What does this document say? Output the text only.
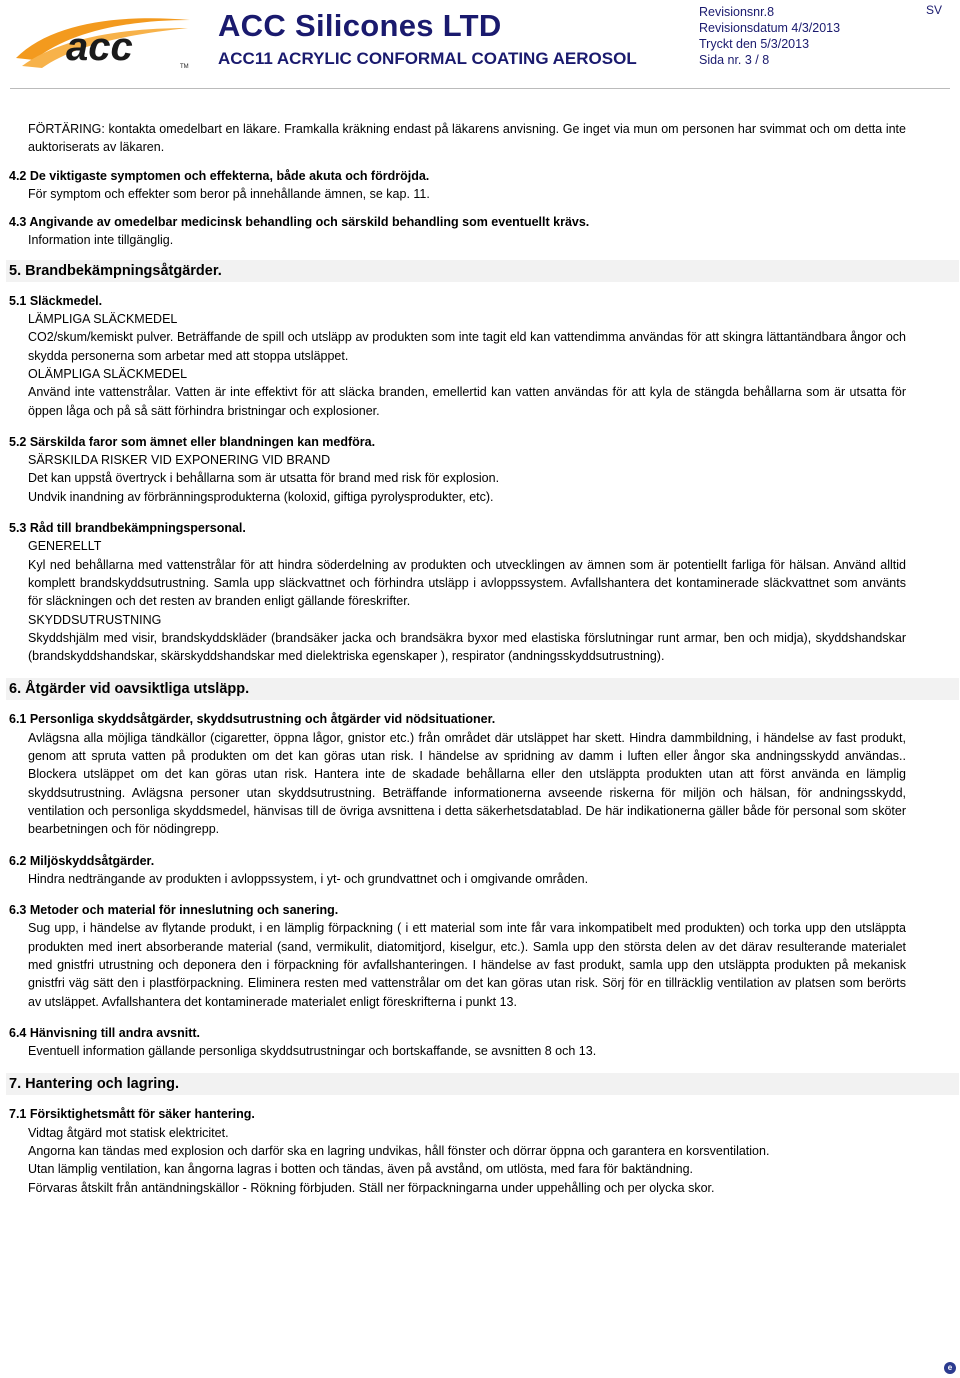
acc	TM
ACC Silicones LTD
ACC11 ACRYLIC CONFORMAL COATING AEROSOL
Revisionsnr.8
Revisionsdatum 4/3/2013
Tryckt den 5/3/2013
Sida nr. 3 / 8
SV

FÖRTÄRING: kontakta omedelbart en läkare. Framkalla kräkning endast på läkarens anvisning. Ge inget via mun om personen har svimmat och om detta inte auktoriserats av läkaren.

4.2 De viktigaste symptomen och effekterna, både akuta och fördröjda.

För symptom och effekter som beror på innehållande ämnen, se kap. 11.

4.3 Angivande av omedelbar medicinsk behandling och särskild behandling som eventuellt krävs.

Information inte tillgänglig.

5. Brandbekämpningsåtgärder.

5.1 Släckmedel.

LÄMPLIGA SLÄCKMEDEL

CO2/skum/kemiskt pulver. Beträffande de spill och utsläpp av produkten som inte tagit eld kan vattendimma användas för att skingra lättantändbara ångor och skydda personerna som arbetar med att stoppa utsläppet.

OLÄMPLIGA SLÄCKMEDEL

Använd inte vattenstrålar. Vatten är inte effektivt för att släcka branden, emellertid kan vatten användas för att kyla de stängda behållarna som är utsatta för öppen låga och på så sätt förhindra bristningar och explosioner.

5.2 Särskilda faror som ämnet eller blandningen kan medföra.

SÄRSKILDA RISKER VID EXPONERING VID BRAND

Det kan uppstå övertryck i behållarna som är utsatta för brand med risk för explosion.

Undvik inandning av förbränningsprodukterna (koloxid, giftiga pyrolysprodukter, etc).

5.3 Råd till brandbekämpningspersonal.

GENERELLT

Kyl ned behållarna med vattenstrålar för att hindra söderdelning av produkten och utvecklingen av ämnen som är potentiellt farliga för hälsan. Använd alltid komplett brandskyddsutrustning. Samla upp släckvattnet och förhindra utsläpp i avloppssystem. Avfallshantera det kontaminerade släckvattnet som använts för släckningen och det resten av branden enligt gällande föreskrifter.

SKYDDSUTRUSTNING

Skyddshjälm med visir, brandskyddskläder (brandsäker jacka och brandsäkra byxor med elastiska förslutningar runt armar, ben och midja), skyddshandskar (brandskyddshandskar, skärskyddshandskar med dielektriska egenskaper ), respirator (andningsskyddsutrustning).

6. Åtgärder vid oavsiktliga utsläpp.

6.1 Personliga skyddsåtgärder, skyddsutrustning och åtgärder vid nödsituationer.

Avlägsna alla möjliga tändkällor (cigaretter, öppna lågor, gnistor etc.) från området där utsläppet har skett. Hindra dammbildning, i händelse av fast produkt, genom att spruta vatten på produkten om det kan göras utan risk. I händelse av spridning av damm i luften eller ångor ska andningsskydd användas.. Blockera utsläppet om det kan göras utan risk. Hantera inte de skadade behållarna eller den utsläppta produkten utan att först använda en lämplig skyddsutrustning. Avlägsna personer utan skyddsutrustning. Beträffande informationerna avseende riskerna för miljön och hälsan, för andningsskydd, ventilation och personliga skyddsmedel, hänvisas till de övriga avsnittena i detta säkerhetsdatablad. De här indikationerna gäller både för personal som sköter bearbetningen och för nödingrepp.

6.2 Miljöskyddsåtgärder.

Hindra nedträngande av produkten i avloppssystem, i yt- och grundvattnet och i omgivande områden.

6.3 Metoder och material för inneslutning och sanering.

Sug upp, i händelse av flytande produkt, i en lämplig förpackning ( i ett material som inte får vara inkompatibelt med produkten) och torka upp den utsläppta produkten med inert absorberande material (sand, vermikulit, diatomitjord, kiselgur, etc.). Samla upp den största delen av det därav resulterande materialet med gnistfri utrustning och deponera den i förpackning för avfallshanteringen. I händelse av fast produkt, samla upp den utsläppta produkten på mekanisk gnistfri väg sätt den i plastförpackning. Eliminera resten med vattenstrålar om det kan göras utan risk. Sörj för en tillräcklig ventilation av platsen som berörts av utsläppet. Avfallshantera det kontaminerade materialet enligt föreskrifterna i punkt 13.

6.4 Hänvisning till andra avsnitt.

Eventuell information gällande personliga skyddsutrustningar och bortskaffande, se avsnitten 8 och 13.

7. Hantering och lagring.

7.1 Försiktighetsmått för säker hantering.

Vidtag åtgärd mot statisk elektricitet.

Angorna kan tändas med explosion och darför ska en lagring undvikas, håll fönster och dörrar öppna och garantera en korsventilation.

Utan lämplig ventilation, kan ångorna lagras i botten och tändas, även på avstånd, om utlösta, med fara för baktändning.

Förvaras åtskilt från antändningskällor - Rökning förbjuden. Ställ ner förpackningarna under uppehålling och per olycka skor.

e
